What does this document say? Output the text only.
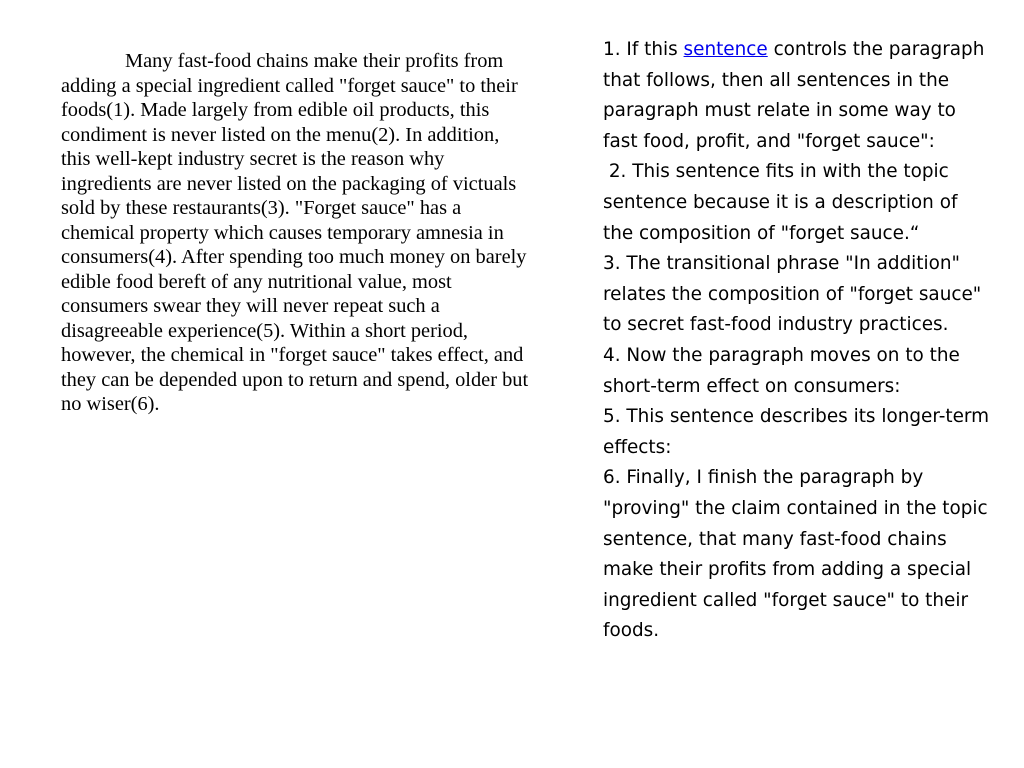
Many fast-food chains make their profits from adding a special ingredient called "forget sauce" to their foods(1). Made largely from edible oil products, this condiment is never listed on the menu(2). In addition, this well-kept industry secret is the reason why ingredients are never listed on the packaging of victuals sold by these restaurants(3). "Forget sauce" has a chemical property which causes temporary amnesia in consumers(4). After spending too much money on barely edible food bereft of any nutritional value, most consumers swear they will never repeat such a disagreeable experience(5). Within a short period, however, the chemical in "forget sauce" takes effect, and they can be depended upon to return and spend, older but no wiser(6).

1. If this sentence controls the paragraph that follows, then all sentences in the paragraph must relate in some way to fast food, profit, and "forget sauce":

2. This sentence fits in with the topic sentence because it is a description of the composition of "forget sauce.“

3. The transitional phrase "In addition" relates the composition of "forget sauce" to secret fast-food industry practices.

4. Now the paragraph moves on to the short-term effect on consumers:

5. This sentence describes its longer-term effects:

6. Finally, I finish the paragraph by "proving" the claim contained in the topic sentence, that many fast-food chains make their profits from adding a special ingredient called "forget sauce" to their foods.
